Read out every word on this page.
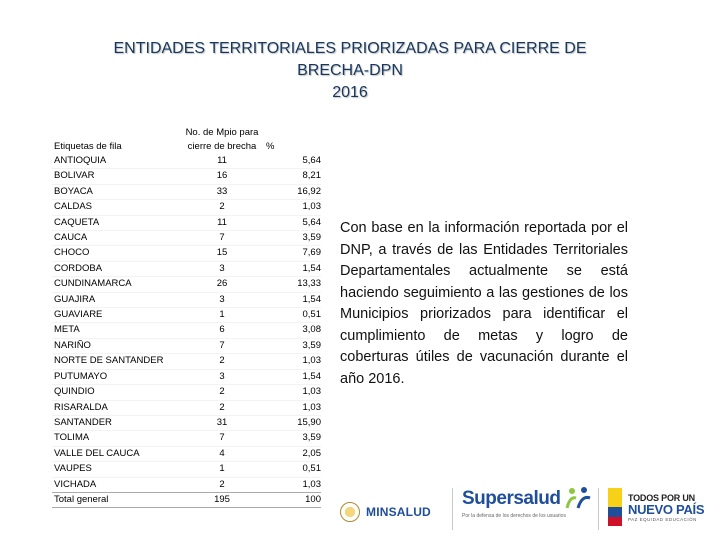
ENTIDADES TERRITORIALES PRIORIZADAS PARA CIERRE DE
BRECHA-DPN
2016
Etiquetas de fila	No. de Mpio para
cierre de brecha	%
ANTIOQUIA	11	5,64
BOLIVAR	16	8,21
BOYACA	33	16,92
CALDAS	2	1,03
CAQUETA	11	5,64
CAUCA	7	3,59
CHOCO	15	7,69
CORDOBA	3	1,54
CUNDINAMARCA	26	13,33
GUAJIRA	3	1,54
GUAVIARE	1	0,51
META	6	3,08
NARIÑO	7	3,59
NORTE DE SANTANDER	2	1,03
PUTUMAYO	3	1,54
QUINDIO	2	1,03
RISARALDA	2	1,03
SANTANDER	31	15,90
TOLIMA	7	3,59
VALLE DEL CAUCA	4	2,05
VAUPES	1	0,51
VICHADA	2	1,03
Total general	195	100
Con base en la información reportada por el DNP, a través de las Entidades Territoriales Departamentales actualmente se está haciendo seguimiento a las gestiones de los Municipios priorizados para identificar el cumplimiento de metas y logro de coberturas útiles de vacunación durante el año 2016.
MINSALUD
Supersalud
Por la defensa de los derechos de los usuarios
TODOS POR UN
NUEVO PAÍS
PAZ EQUIDAD EDUCACIÓN
